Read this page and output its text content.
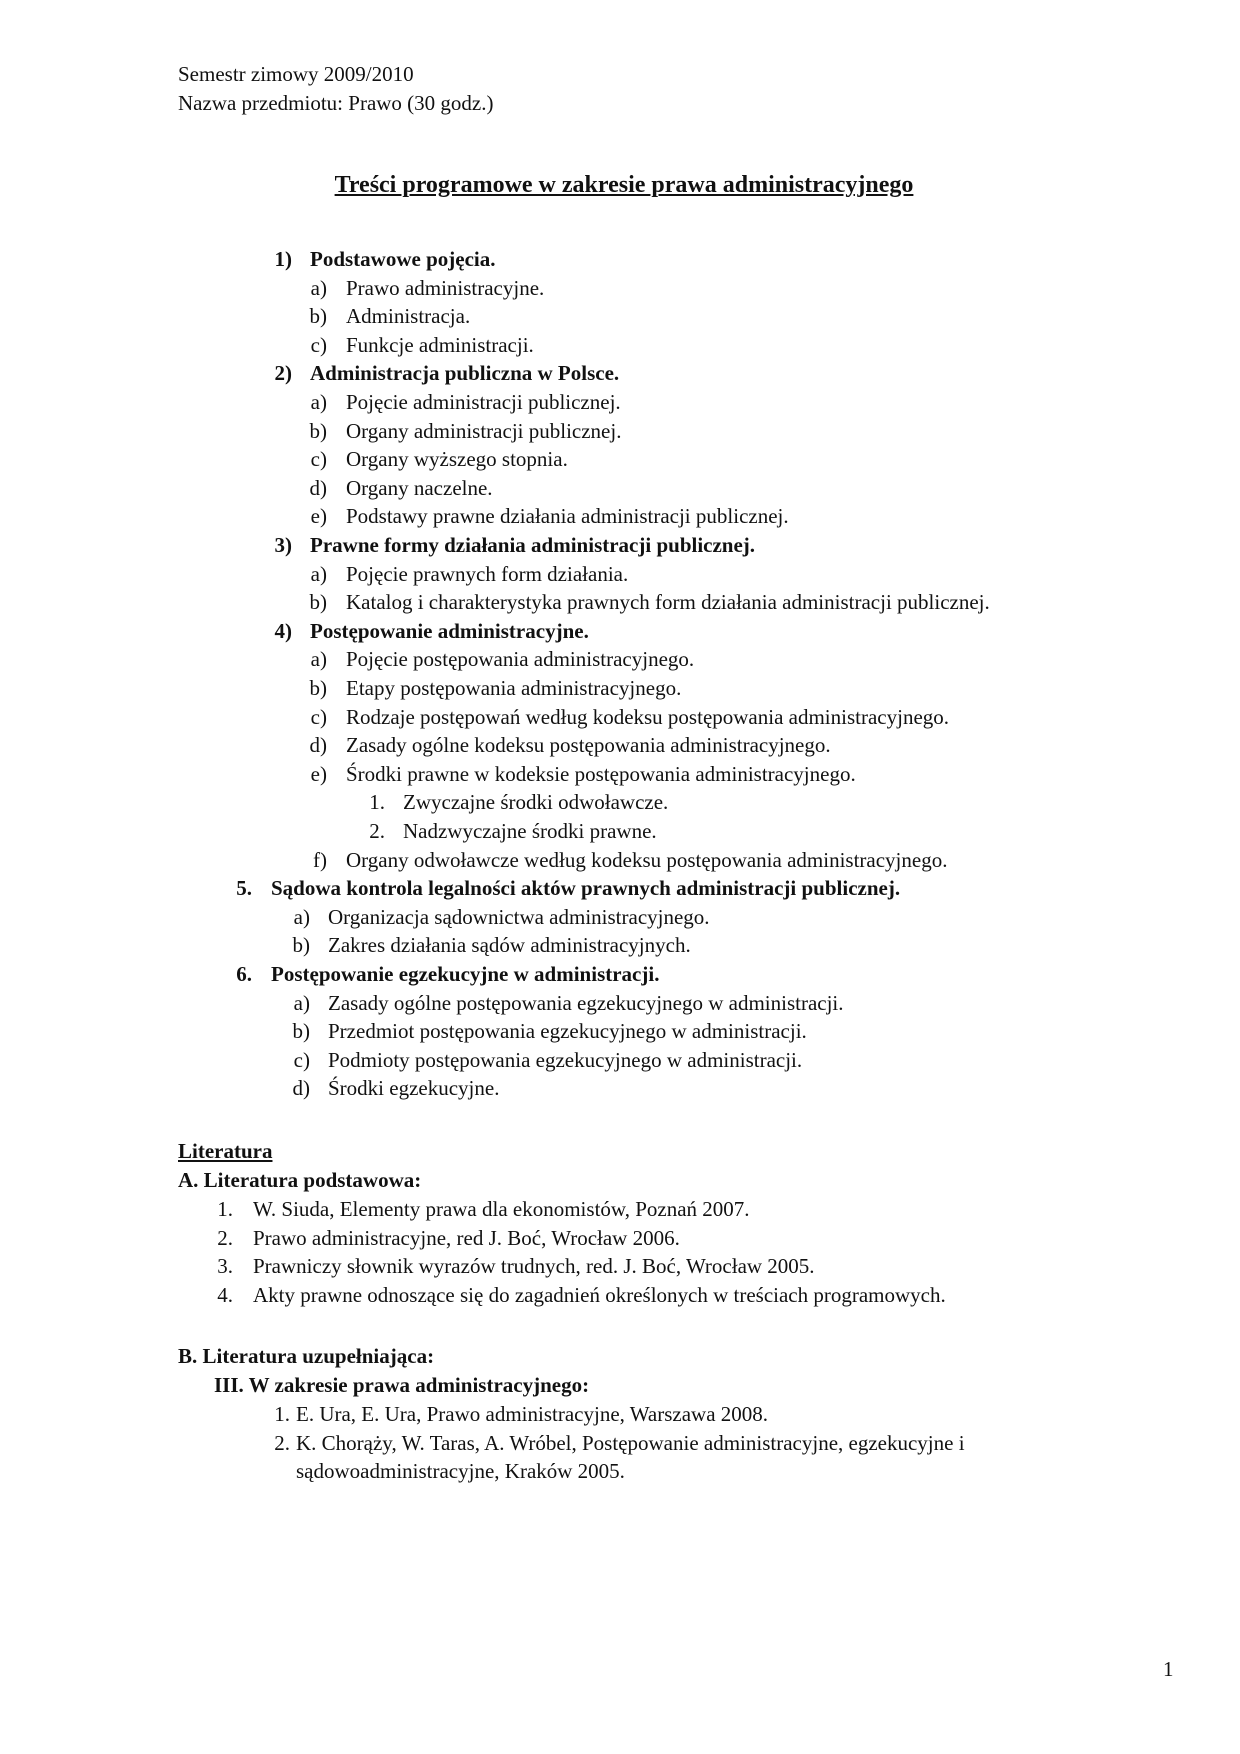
Semestr zimowy 2009/2010
Nazwa przedmiotu: Prawo (30 godz.)
Treści programowe w zakresie prawa administracyjnego
1) Podstawowe pojęcia.
a) Prawo administracyjne.
b) Administracja.
c) Funkcje administracji.
2) Administracja publiczna w Polsce.
a) Pojęcie administracji publicznej.
b) Organy administracji publicznej.
c) Organy wyższego stopnia.
d) Organy naczelne.
e) Podstawy prawne działania administracji publicznej.
3) Prawne formy działania administracji publicznej.
a) Pojęcie prawnych form działania.
b) Katalog i charakterystyka prawnych form działania administracji publicznej.
4) Postępowanie administracyjne.
a) Pojęcie postępowania administracyjnego.
b) Etapy postępowania administracyjnego.
c) Rodzaje postępowań według kodeksu postępowania administracyjnego.
d) Zasady ogólne kodeksu postępowania administracyjnego.
e) Środki prawne w kodeksie postępowania administracyjnego.
1. Zwyczajne środki odwoławcze.
2. Nadzwyczajne środki prawne.
f) Organy odwoławcze według kodeksu postępowania administracyjnego.
5. Sądowa kontrola legalności aktów prawnych administracji publicznej.
a) Organizacja sądownictwa administracyjnego.
b) Zakres działania sądów administracyjnych.
6. Postępowanie egzekucyjne w administracji.
a) Zasady ogólne postępowania egzekucyjnego w administracji.
b) Przedmiot postępowania egzekucyjnego w administracji.
c) Podmioty postępowania egzekucyjnego w administracji.
d) Środki egzekucyjne.
Literatura
A. Literatura podstawowa:
1. W. Siuda, Elementy prawa dla ekonomistów, Poznań 2007.
2. Prawo administracyjne, red J. Boć, Wrocław 2006.
3. Prawniczy słownik wyrazów trudnych, red. J. Boć, Wrocław 2005.
4. Akty prawne odnoszące się do zagadnień określonych w treściach programowych.
B. Literatura uzupełniająca:
III. W zakresie prawa administracyjnego:
1. E. Ura, E. Ura, Prawo administracyjne, Warszawa 2008.
2. K. Chorąży, W. Taras, A. Wróbel, Postępowanie administracyjne, egzekucyjne i
sądowoadministracyjne, Kraków 2005.
1
